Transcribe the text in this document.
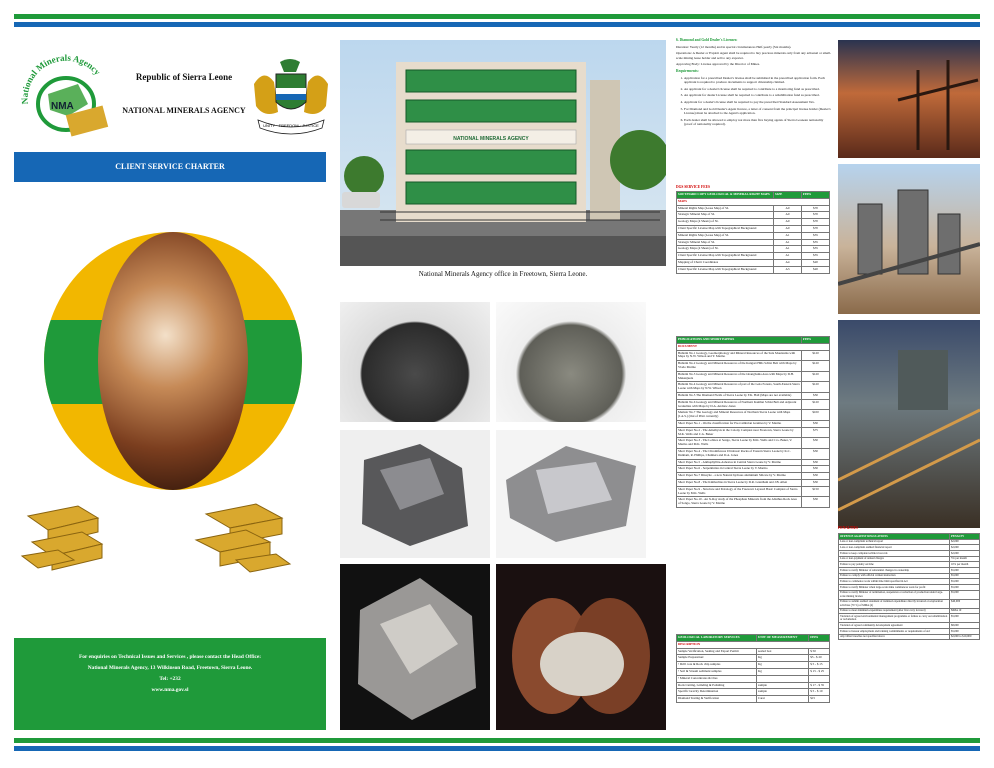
National Minerals Agency
NMA
Republic of Sierra Leone
NATIONAL MINERALS AGENCY
UNITY · FREEDOM · JUSTICE
CLIENT SERVICE CHARTER
For enquiries on Technical Issues and Services , please contact the Head Office:
National Minerals Agency, 13 Wilkinson Road, Freetown, Sierra Leone.
Tel: +232
www.nma.gov.sl
NATIONAL MINERALS AGENCY
National Minerals Agency office in Freetown, Sierra Leone.
6. Diamond and Gold Dealer's Licenses:
Duration: Yearly (12 months) and in special circumstances Half-yearly (Six months).
Operations: A Dealer or Exploit Agent shall be required to buy precious minerals only from any artisanal or small-scale mining lease holder and sell to any exporter.
Approving Body: License approved by the Director of Mines.
Requirements:
1. Application for a prescribed Dealer's license shall be submitted in the prescribed application form. Each applicant is required to produce documents to support citizenship claimed.
2. An applicant for a dealer's license shall be required to contribute to a monitoring fund as prescribed.
3. An applicant for dealer License shall be required to contribute to a rehabilitation fund as prescribed.
4. Applicant for a dealer's license shall be required to pay the prescribed Standard Assessment Tax.
5. For Diamond and Gold Dealer's Agent licence, a letter of consent from the principal license holder (Dealer's License) must be attached to the Agent's application.
6. Each dealer shall be allowed to employ not more than five buying agents of Sierra Leonean nationality (proof of nationality required).
DGS SERVICE FEES
SOFT/HARD COPY GEOLOGICAL & MINERAL RIGHT MAPS	SIZE	FEES
MAPS		
Mineral Rights Map (Lease Map) of SL	A0	$70
Strategic Mineral Map of SL	A0	$70
Geology Maps (4 Sheets) of SL	A0	$70
Client Specific License Map with Topographical Background	A0	$70
Mineral Rights Map (Lease Map) of SL	A1	$35
Strategic Mineral Map of SL	A1	$35
Geology Maps (4 Sheets) of SL	A1	$35
Client Specific License Map with Topographical Background	A1	$35
Mapping of Chartr Coordinates	A4	$20
Client Specific License Map with Topographical Background	A3	$20
PUBLICATIONS AND SHORT PAPERS	FEES
DOCUMENT	
Bulletin No.1 Geology, Geomorphology and Mineral Resources of the Sula Mountains with Maps by N.W. Wilson and Y. Marmo	$120
Bulletin No.2 Geology and Mineral Resources of the Kangari Hills Schist Belt with Maps by Vlado Marmo	$120
Bulletin No.3 Geology and Mineral Resources of the Gbangbama Area with Maps by D.H. Makanjuola	$120
Bulletin No.4 Geology and Mineral Resources of part of the Gola Forests, South-Eastern Sierra Leone with Maps by N.W. Wilson	$120
Bulletin No.5 The Diamond Fields of Sierra Leone by F.K. Hall (Maps are not available)	$50
Bulletin No.6 Geology and Mineral Resources of Northern Kambui Schist Belt and Adjacent Granulites with Maps by D.A. Andrew-Jones	$120
Memoir No.7 The Geology and Mineral Resources of Northern Sierra Leone with Maps (J.A.S.) (Out of Print currently)	$100
Short Paper No.1 - On the classification for Pre-Cambrian Granites by V. Marmo	$30
Short Paper No.2 - The Amethysts in the Colony Complex near Freetown, Sierra Leone by M.K. Wells and C.G. Baker	$75
Short Paper No.3 - The Lobites at Songo, Sierra Leone by M.K. Wells and C.G. Baker, V. Marmo and M.K. Wells	$30
Short Paper No.4 - The Chromiferous Ultrabasic Rocks of Eastern Sierra Leone by K.C. Dunham, R. Phillips, Chalmers and D.A. Jones	$30
Short Paper No.5 - Anthophyllite-Asbestos in Central Sierra Leone by V. Marmo	$30
Short Paper No.6 - Serpentinites in Central Sierra Leone by V. Marmo	$30
Short Paper No.7 Dixeyite - a new Natural hydrous aluminium Silicate by V. Marmo	$30
Short Paper No.8 - The Kimberlites in Sierra Leone by D.R. Grantham and J.B. Allen	$30
Short Paper No.9 - Structure and Petrology of the Freetown Layered Basic Complex of Sierra Leone by M.K. Wells	$150
Short Paper No.10 - An X-Ray study of the Phosphate Minerals from the Allaihua Rock Area of Songo, Sierra Leone by V. Marmo	$30
GEOLOGICAL LABORATORY SERVICES	UNIT OF MEASUREMENT	FEES
DESCRIPTION		
Sample Verification, Sealing and Export Permit	sealed box	$ 50
Sample Preparation:	Kg	$5 - $ 20
• Drill core & Rock chip samples	Kg	$ 5 - $ 15
• Soil & Stream sediment samples	Kg	$ 15 - $ 25
• Mineral Concentrates & Ores		
Rock Cutting, Grinding & Polishing	sample	$ 17 - $ 35
Specific Gravity Determination	sample	$ 5 - $ 10
Diamond Testing & Verification	Carat	$15
PENALTIES
OFFENCE AGAINST REGULATIONS	PENALTY
Late or non-compliant technical report	$2,000
Late or non-compliant audited financial report	$2,000
Failure to keep complete technical records	$2,000
Late or non-payment of annual charges	5% per month
Failure to pay penalty on time	10% per month
Failure to notify Minister of substantial changes in ownership	$5,000
Failure to comply with official written instruction	$5,000
Failure to commence work within time limit specified in Act	$5,000
Failure to notify Minister when large-scale mine commences work for profit	$5,000
Failure to notify Minister of termination, suspension or reduction of production under large-scale mining licence	$5,000
Failure to submit audited statement of itemized expenditure directly incurred on exploration activities (70 %) of MMA (4)	$40,000
Failure to meet minimum expenditure requirement (after first carry forward)	MMA 10
Violation of agreed environmental management programme or failure to carry out rehabilitation or reclamation	$5,000
Violation of agreed community development agreement	$8,000
Failure to honour employment and training commitments or requirements of Act	$5,000
Any Other breaches not specified above	$2,000 to $10,000
